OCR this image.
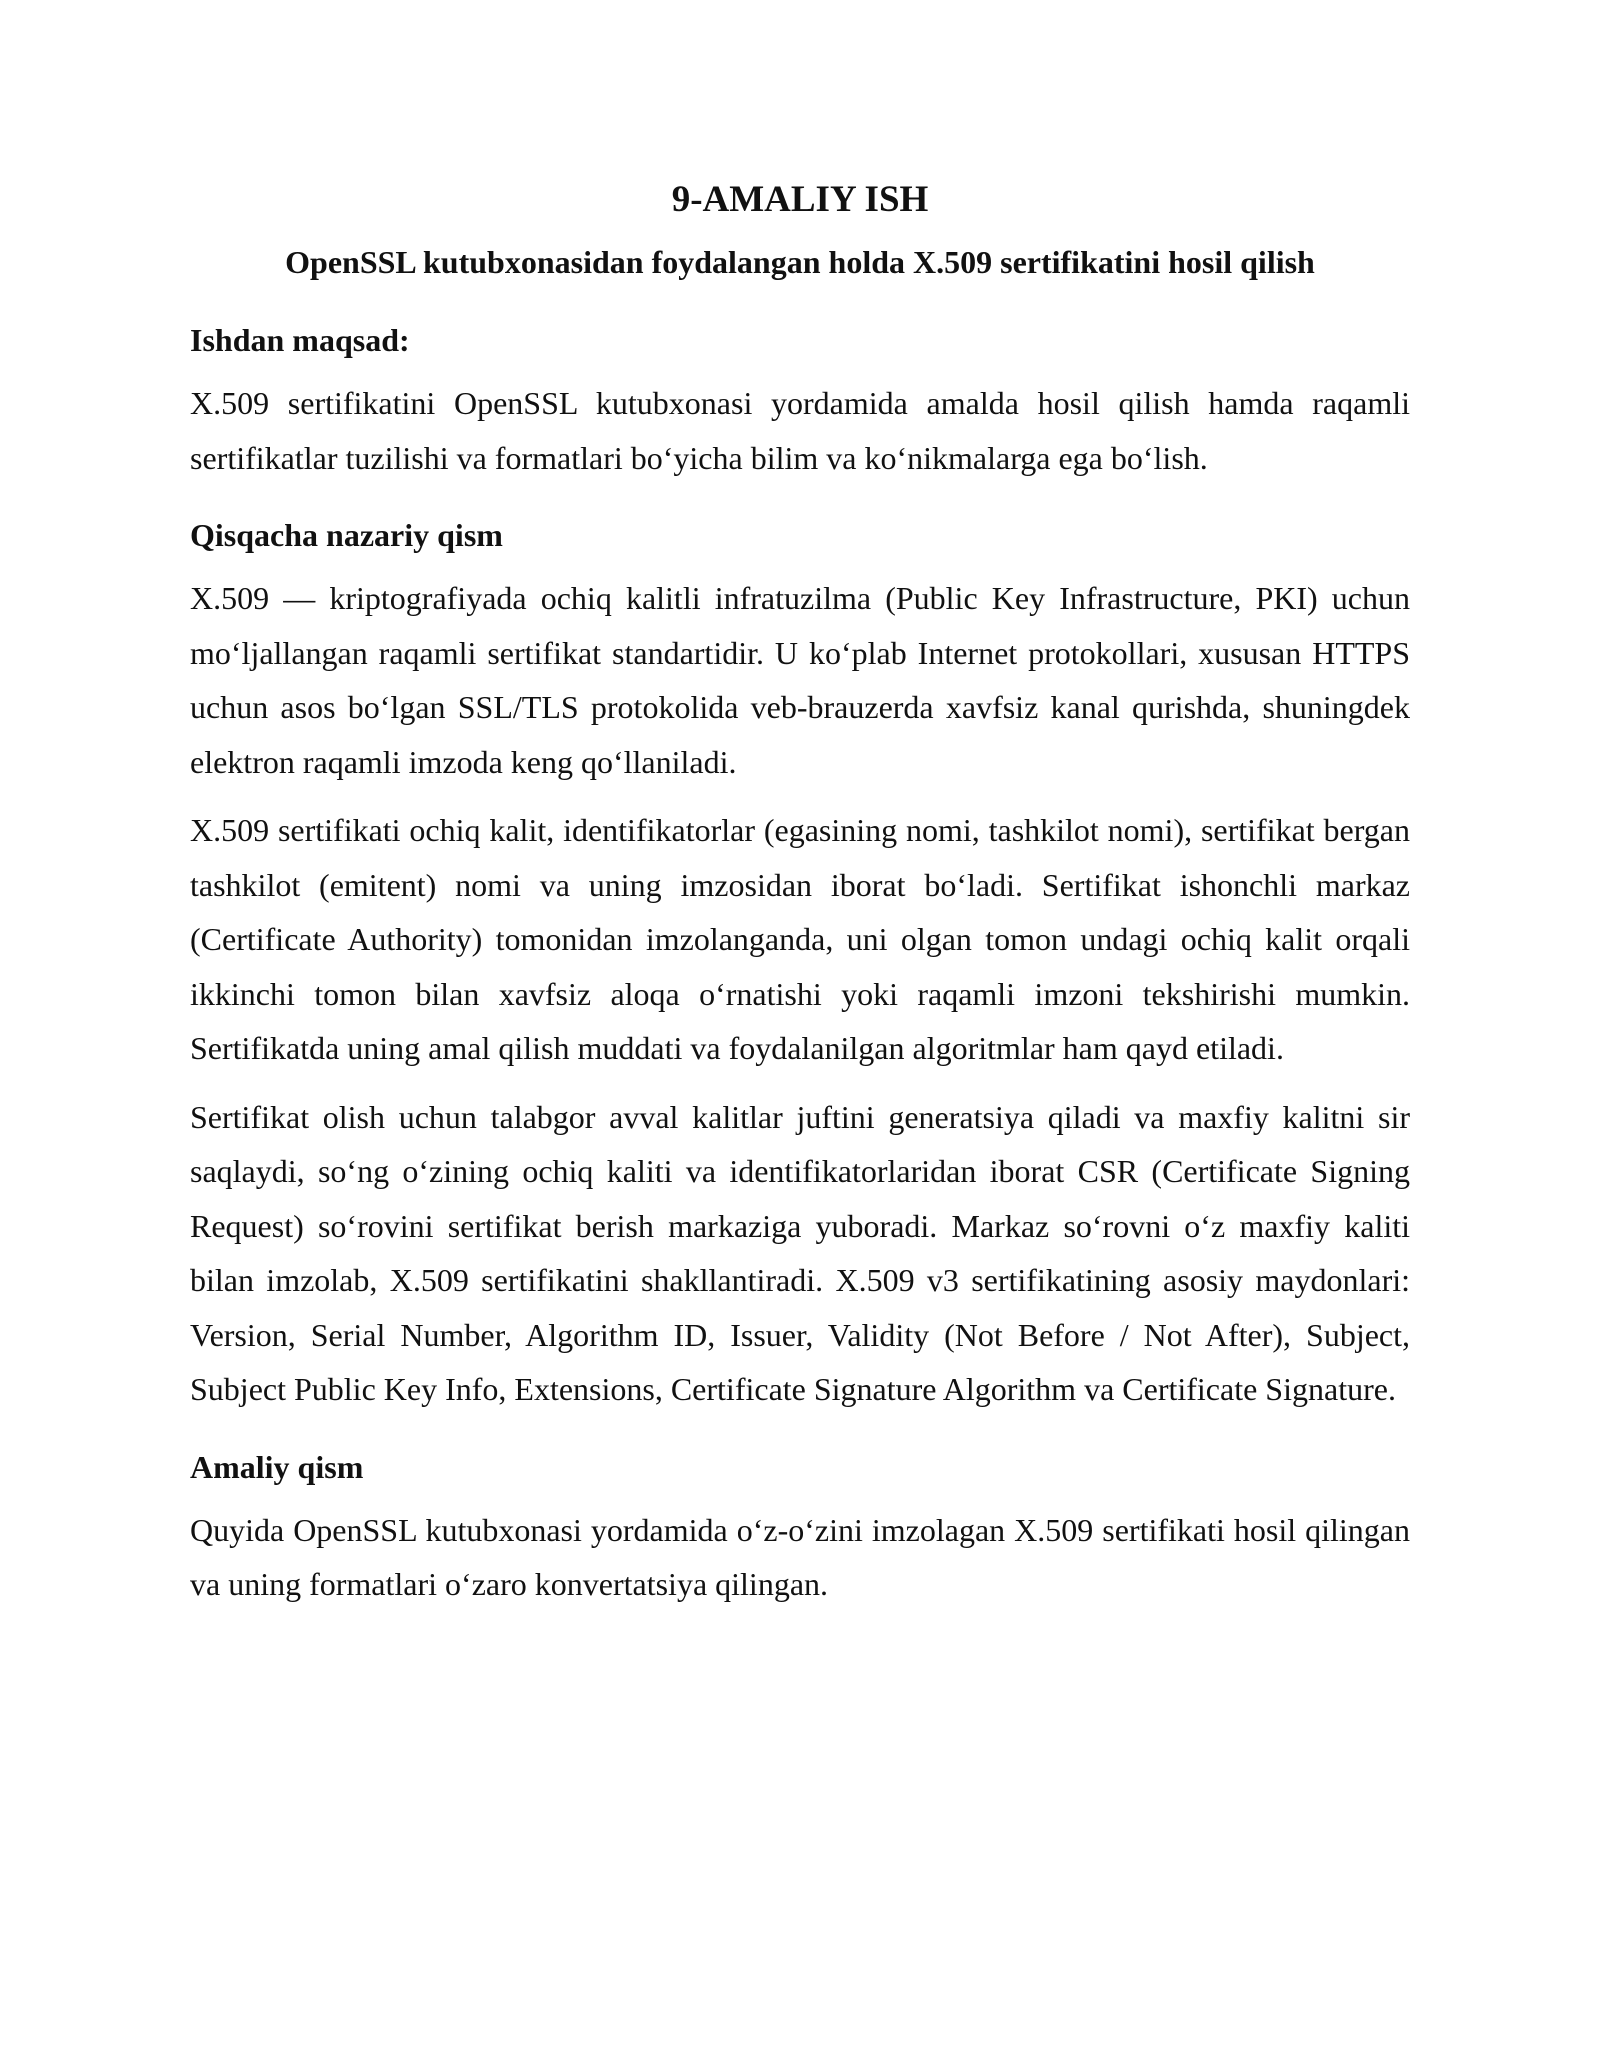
9-AMALIY ISH
OpenSSL kutubxonasidan foydalangan holda X.509 sertifikatini hosil qilish
Ishdan maqsad:

X.509 sertifikatini OpenSSL kutubxonasi yordamida amalda hosil qilish hamda raqamli sertifikatlar tuzilishi va formatlari bo‘yicha bilim va ko‘nikmalarga ega bo‘lish.

Qisqacha nazariy qism

X.509 — kriptografiyada ochiq kalitli infratuzilma (Public Key Infrastructure, PKI) uchun mo‘ljallangan raqamli sertifikat standartidir. U ko‘plab Internet protokollari, xususan HTTPS uchun asos bo‘lgan SSL/TLS protokolida veb-brauzerda xavfsiz kanal qurishda, shuningdek elektron raqamli imzoda keng qo‘llaniladi.

X.509 sertifikati ochiq kalit, identifikatorlar (egasining nomi, tashkilot nomi), sertifikat bergan tashkilot (emitent) nomi va uning imzosidan iborat bo‘ladi. Sertifikat ishonchli markaz (Certificate Authority) tomonidan imzolanganda, uni olgan tomon undagi ochiq kalit orqali ikkinchi tomon bilan xavfsiz aloqa o‘rnatishi yoki raqamli imzoni tekshirishi mumkin. Sertifikatda uning amal qilish muddati va foydalanilgan algoritmlar ham qayd etiladi.

Sertifikat olish uchun talabgor avval kalitlar juftini generatsiya qiladi va maxfiy kalitni sir saqlaydi, so‘ng o‘zining ochiq kaliti va identifikatorlaridan iborat CSR (Certificate Signing Request) so‘rovini sertifikat berish markaziga yuboradi. Markaz so‘rovni o‘z maxfiy kaliti bilan imzolab, X.509 sertifikatini shakllantiradi. X.509 v3 sertifikatining asosiy maydonlari: Version, Serial Number, Algorithm ID, Issuer, Validity (Not Before / Not After), Subject, Subject Public Key Info, Extensions, Certificate Signature Algorithm va Certificate Signature.

Amaliy qism

Quyida OpenSSL kutubxonasi yordamida o‘z-o‘zini imzolagan X.509 sertifikati hosil qilingan va uning formatlari o‘zaro konvertatsiya qilingan.
